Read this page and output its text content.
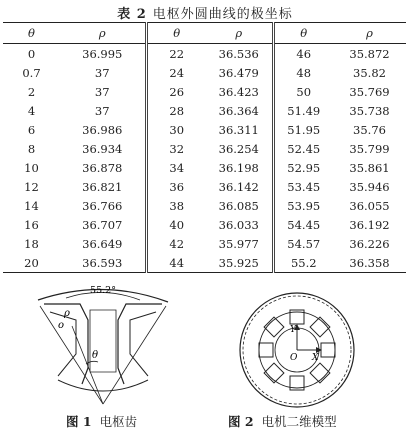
表 2 电枢外圆曲线的极坐标
θ	ρ	θ	ρ	θ	ρ
0	36.995	22	36.536	46	35.872
0.7	37	24	36.479	48	35.82
2	37	26	36.423	50	35.769
4	37	28	36.364	51.49	35.738
6	36.986	30	36.311	51.95	35.76
8	36.934	32	36.254	52.45	35.799
10	36.878	34	36.198	52.95	35.861
12	36.821	36	36.142	53.45	35.946
14	36.766	38	36.085	53.95	36.055
16	36.707	40	36.033	54.45	36.192
18	36.649	42	35.977	54.57	36.226
20	36.593	44	35.925	55.2	36.358
55.2°
ρ
o
θ
Y
O X
图 1 电枢齿	图 2 电机二维模型
